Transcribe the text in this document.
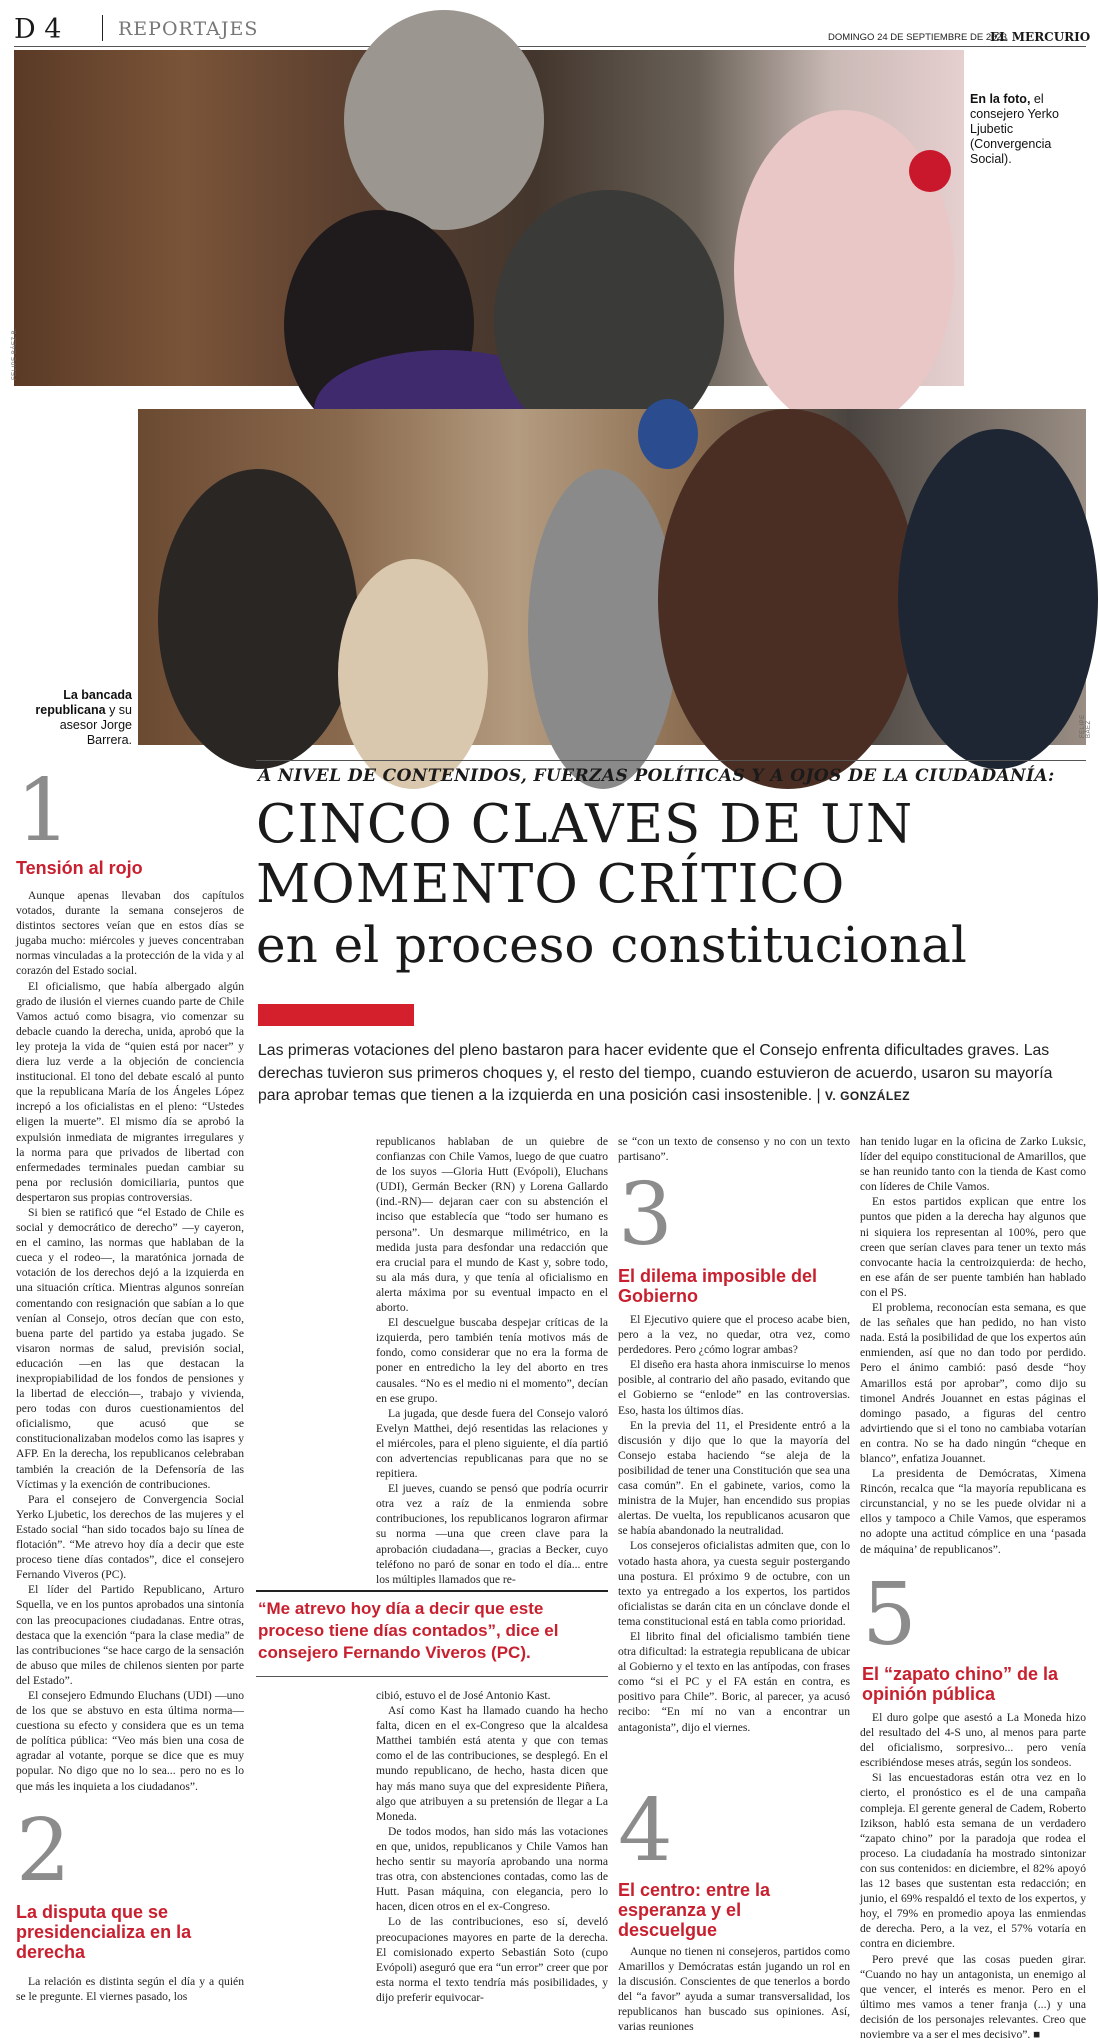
D 4	REPORTAJES	DOMINGO 24 DE SEPTIEMBRE DE 2023
EL MERCURIO
FELIPE BÁEZ B.
En la foto, el consejero Yerko Ljubetic (Convergencia Social).
FELIPE BÁEZ
La bancada republicana y su asesor Jorge Barrera.
1
Tensión al rojo

Aunque apenas llevaban dos capítulos votados, durante la semana consejeros de distintos sectores veían que en estos días se jugaba mucho: miércoles y jueves concentraban normas vinculadas a la protección de la vida y al corazón del Estado social.

El oficialismo, que había albergado algún grado de ilusión el viernes cuando parte de Chile Vamos actuó como bisagra, vio comenzar su debacle cuando la derecha, unida, aprobó que la ley proteja la vida de “quien está por nacer” y diera luz verde a la objeción de conciencia institucional. El tono del debate escaló al punto que la republicana María de los Ángeles López increpó a los oficialistas en el pleno: “Ustedes eligen la muerte”. El mismo día se aprobó la expulsión inmediata de migrantes irregulares y la norma para que privados de libertad con enfermedades terminales puedan cambiar su pena por reclusión domiciliaria, puntos que despertaron sus propias controversias.

Si bien se ratificó que “el Estado de Chile es social y democrático de derecho” —y cayeron, en el camino, las normas que hablaban de la cueca y el rodeo—, la maratónica jornada de votación de los derechos dejó a la izquierda en una situación crítica. Mientras algunos sonreían comentando con resignación que sabían a lo que venían al Consejo, otros decían que con esto, buena parte del partido ya estaba jugado. Se visaron normas de salud, previsión social, educación —en las que destacan la inexpropiabilidad de los fondos de pensiones y la libertad de elección—, trabajo y vivienda, pero todas con duros cuestionamientos del oficialismo, que acusó que se constitucionalizaban modelos como las isapres y AFP. En la derecha, los republicanos celebraban también la creación de la Defensoría de las Víctimas y la exención de contribuciones.

Para el consejero de Convergencia Social Yerko Ljubetic, los derechos de las mujeres y el Estado social “han sido tocados bajo su línea de flotación”. “Me atrevo hoy día a decir que este proceso tiene días contados”, dice el consejero Fernando Viveros (PC).

El líder del Partido Republicano, Arturo Squella, ve en los puntos aprobados una sintonía con las preocupaciones ciudadanas. Entre otras, destaca que la exención “para la clase media” de las contribuciones “se hace cargo de la sensación de abuso que miles de chilenos sienten por parte del Estado”.

El consejero Edmundo Eluchans (UDI) —uno de los que se abstuvo en esta última norma— cuestiona su efecto y considera que es un tema de política pública: “Veo más bien una cosa de agradar al votante, porque se dice que es muy popular. No digo que no lo sea... pero no es lo que más les inquieta a los ciudadanos”.

2
La disputa que se presidencializa en la derecha

La relación es distinta según el día y a quién se le pregunte. El viernes pasado, los

A NIVEL DE CONTENIDOS, FUERZAS POLÍTICAS Y A OJOS DE LA CIUDADANÍA:
CINCO CLAVES DE UN
MOMENTO CRÍTICO
en el proceso constitucional
Las primeras votaciones del pleno bastaron para hacer evidente que el Consejo enfrenta dificultades graves. Las derechas tuvieron sus primeros choques y, el resto del tiempo, cuando estuvieron de acuerdo, usaron su mayoría para aprobar temas que tienen a la izquierda en una posición casi insostenible. | V. GONZÁLEZ

republicanos hablaban de un quiebre de confianzas con Chile Vamos, luego de que cuatro de los suyos —Gloria Hutt (Evópoli), Eluchans (UDI), Germán Becker (RN) y Lorena Gallardo (ind.-RN)— dejaran caer con su abstención el inciso que establecía que “todo ser humano es persona”. Un desmarque milimétrico, en la medida justa para desfondar una redacción que era crucial para el mundo de Kast y, sobre todo, su ala más dura, y que tenía al oficialismo en alerta máxima por su eventual impacto en el aborto.

El descuelgue buscaba despejar críticas de la izquierda, pero también tenía motivos más de fondo, como considerar que no era la forma de poner en entredicho la ley del aborto en tres causales. “No es el medio ni el momento”, decían en ese grupo.

La jugada, que desde fuera del Consejo valoró Evelyn Matthei, dejó resentidas las relaciones y el miércoles, para el pleno siguiente, el día partió con advertencias republicanas para que no se repitiera.

El jueves, cuando se pensó que podría ocurrir otra vez a raíz de la enmienda sobre contribuciones, los republicanos lograron afirmar su norma —una que creen clave para la aprobación ciudadana—, gracias a Becker, cuyo teléfono no paró de sonar en todo el día... entre los múltiples llamados que re-

“Me atrevo hoy día a decir que este proceso tiene días contados”, dice el consejero Fernando Viveros (PC).

cibió, estuvo el de José Antonio Kast.

Así como Kast ha llamado cuando ha hecho falta, dicen en el ex-Congreso que la alcaldesa Matthei también está atenta y que con temas como el de las contribuciones, se desplegó. En el mundo republicano, de hecho, hasta dicen que hay más mano suya que del expresidente Piñera, algo que atribuyen a su pretensión de llegar a La Moneda.

De todos modos, han sido más las votaciones en que, unidos, republicanos y Chile Vamos han hecho sentir su mayoría aprobando una norma tras otra, con abstenciones contadas, como las de Hutt. Pasan máquina, con elegancia, pero lo hacen, dicen otros en el ex-Congreso.

Lo de las contribuciones, eso sí, develó preocupaciones mayores en parte de la derecha. El comisionado experto Sebastián Soto (cupo Evópoli) aseguró que era “un error” creer que por esta norma el texto tendría más posibilidades, y dijo preferir equivocar-

se “con un texto de consenso y no con un texto partisano”.

3
El dilema imposible del Gobierno

El Ejecutivo quiere que el proceso acabe bien, pero a la vez, no quedar, otra vez, como perdedores. Pero ¿cómo lograr ambas?

El diseño era hasta ahora inmiscuirse lo menos posible, al contrario del año pasado, evitando que el Gobierno se “enlode” en las controversias. Eso, hasta los últimos días.

En la previa del 11, el Presidente entró a la discusión y dijo que lo que la mayoría del Consejo estaba haciendo “se aleja de la posibilidad de tener una Constitución que sea una casa común”. En el gabinete, varios, como la ministra de la Mujer, han encendido sus propias alertas. De vuelta, los republicanos acusaron que se había abandonado la neutralidad.

Los consejeros oficialistas admiten que, con lo votado hasta ahora, ya cuesta seguir postergando una postura. El próximo 9 de octubre, con un texto ya entregado a los expertos, los partidos oficialistas se darán cita en un cónclave donde el tema constitucional está en tabla como prioridad.

El librito final del oficialismo también tiene otra dificultad: la estrategia republicana de ubicar al Gobierno y el texto en las antípodas, con frases como “si el PC y el FA están en contra, es positivo para Chile”. Boric, al parecer, ya acusó recibo: “En mí no van a encontrar un antagonista”, dijo el viernes.

4
El centro: entre la esperanza y el descuelgue

Aunque no tienen ni consejeros, partidos como Amarillos y Demócratas están jugando un rol en la discusión. Conscientes de que tenerlos a bordo del “a favor” ayuda a sumar transversalidad, los republicanos han buscado sus opiniones. Así, varias reuniones

han tenido lugar en la oficina de Zarko Luksic, líder del equipo constitucional de Amarillos, que se han reunido tanto con la tienda de Kast como con líderes de Chile Vamos.

En estos partidos explican que entre los puntos que piden a la derecha hay algunos que ni siquiera los representan al 100%, pero que creen que serían claves para tener un texto más convocante hacia la centroizquierda: de hecho, en ese afán de ser puente también han hablado con el PS.

El problema, reconocían esta semana, es que de las señales que han pedido, no han visto nada. Está la posibilidad de que los expertos aún enmienden, así que no dan todo por perdido. Pero el ánimo cambió: pasó desde “hoy Amarillos está por aprobar”, como dijo su timonel Andrés Jouannet en estas páginas el domingo pasado, a figuras del centro advirtiendo que si el tono no cambiaba votarían en contra. No se ha dado ningún “cheque en blanco”, enfatiza Jouannet.

La presidenta de Demócratas, Ximena Rincón, recalca que “la mayoría republicana es circunstancial, y no se les puede olvidar ni a ellos y tampoco a Chile Vamos, que esperamos no adopte una actitud cómplice en una ‘pasada de máquina’ de republicanos”.

5
El “zapato chino” de la opinión pública

El duro golpe que asestó a La Moneda hizo del resultado del 4-S uno, al menos para parte del oficialismo, sorpresivo... pero venía escribiéndose meses atrás, según los sondeos.

Si las encuestadoras están otra vez en lo cierto, el pronóstico es el de una campaña compleja. El gerente general de Cadem, Roberto Izikson, habló esta semana de un verdadero “zapato chino” por la paradoja que rodea el proceso. La ciudadanía ha mostrado sintonizar con sus contenidos: en diciembre, el 82% apoyó las 12 bases que sustentan esta redacción; en junio, el 69% respaldó el texto de los expertos, y hoy, el 79% en promedio apoya las enmiendas de derecha. Pero, a la vez, el 57% votaría en contra en diciembre.

Pero prevé que las cosas pueden girar. “Cuando no hay un antagonista, un enemigo al que vencer, el interés es menor. Pero en el último mes vamos a tener franja (...) y una decisión de los personajes relevantes. Creo que noviembre va a ser el mes decisivo”. ■
